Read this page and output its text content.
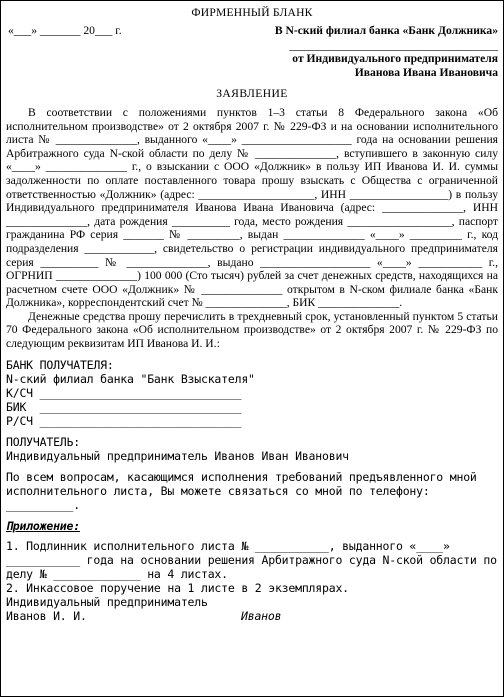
ФИРМЕННЫЙ БЛАНК
«___» _______ 20___ г.	В N-ский филиал банка «Банк Должника»
____________________________________
от Индивидуального предпринимателя
Иванова Ивана Ивановича
ЗАЯВЛЕНИЕ

В соответствии с положениями пунктов 1–3 статьи 8 Федерального закона «Об исполнительном производстве» от 2 октября 2007 г. № 229-ФЗ и на основании исполнительного листа № ______________, выданного «____» ___________________ года на основании решения Арбитражного суда N-ской области по делу № ______________, вступившего в законную силу «____» ______________ г., о взыскании с ООО «Должник» в пользу ИП Иванова И. И. суммы задолженности по оплате поставленного товара прошу взыскать с Общества с ограниченной ответственностью «Должник» (адрес: ____________________, ИНН _________________) в пользу Индивидуального предпринимателя Иванова Ивана Ивановича (адрес: ______________, ИНН ______________, дата рождения __________ года, место рождения __________________, паспорт гражданина РФ серия _______ № _________, выдан ______________ «____» _________ г., код подразделения ____________, свидетельство о регистрации индивидуального предпринимателя серия __________ № ______________, выдано ___________________ «____» ___________ г., ОГРНИП ______________) 100 000 (Сто тысяч) рублей за счет денежных средств, находящихся на расчетном счете ООО «Должник» № ______________ открытом в N-ском филиале банка «Банк Должника», корреспондентский счет № ______________, БИК ______________.

Денежные средства прошу перечислить в трехдневный срок, установленный пунктом 5 статьи 70 Федерального закона «Об исполнительном производстве» от 2 октября 2007 г. № 229-ФЗ по следующим реквизитам ИП Иванова И. И.:

БАНК ПОЛУЧАТЕЛЯ:
N-ский филиал банка "Банк Взыскателя"
К/СЧ ______________________________
БИК  ______________________________
Р/СЧ ______________________________
ПОЛУЧАТЕЛЬ:
Индивидуальный предприниматель Иванов Иван Иванович
По всем вопросам, касающимся исполнения требований предъявленного мной исполнительного листа, Вы можете связаться со мной по телефону: __________.
Приложение:
1. Подлинник исполнительного листа № ___________, выданного «____» ___________ года на основании решения Арбитражного суда N-ской области по делу № _____________ на 4 листах.
2. Инкассовое поручение на 1 листе в 2 экземплярах.
Индивидуальный предприниматель
Иванов И. И.	Иванов
